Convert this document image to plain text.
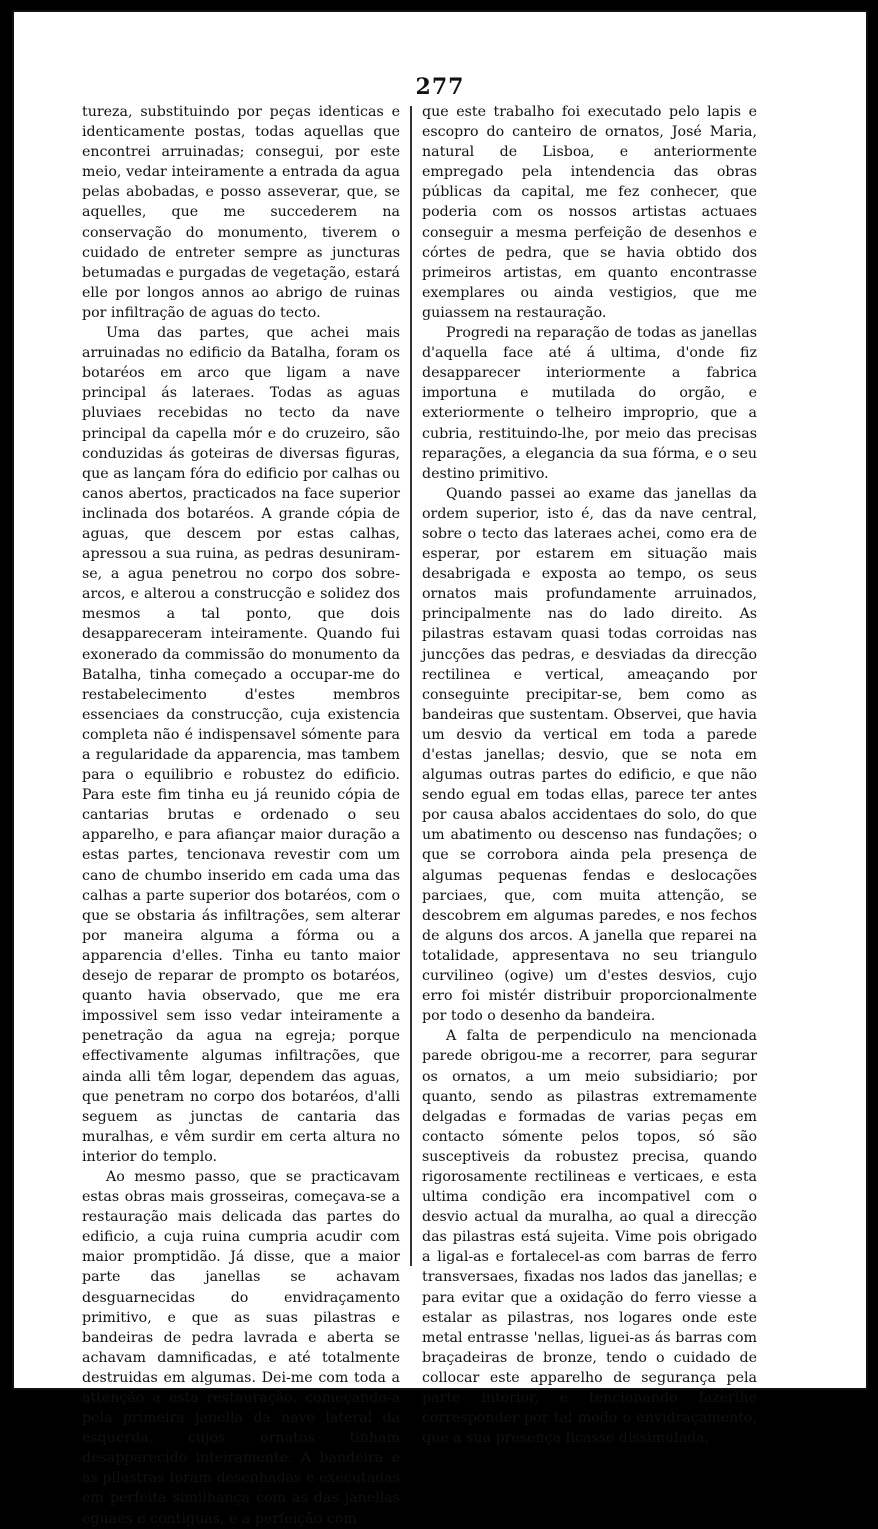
277

tureza, substituindo por peças identicas e identicamente postas, todas aquellas que encontrei arruinadas; consegui, por este meio, vedar inteiramente a entrada da agua pelas abobadas, e posso asseverar, que, se aquelles, que me succederem na conservação do monumento, tiverem o cuidado de entreter sempre as juncturas betumadas e purgadas de vegetação, estará elle por longos annos ao abrigo de ruinas por infiltração de aguas do tecto.

Uma das partes, que achei mais arruinadas no edificio da Batalha, foram os botaréos em arco que ligam a nave principal ás lateraes. Todas as aguas pluviaes recebidas no tecto da nave principal da capella mór e do cruzeiro, são conduzidas ás goteiras de diversas figuras, que as lançam fóra do edificio por calhas ou canos abertos, practicados na face superior inclinada dos botaréos. A grande cópia de aguas, que descem por estas calhas, apressou a sua ruina, as pedras desuniram-se, a agua penetrou no corpo dos sobre-arcos, e alterou a construcção e solidez dos mesmos a tal ponto, que dois desappareceram inteiramente. Quando fui exonerado da commissão do monumento da Batalha, tinha começado a occupar-me do restabelecimento d'estes membros essenciaes da construcção, cuja existencia completa não é indispensavel sómente para a regularidade da apparencia, mas tambem para o equilibrio e robustez do edificio. Para este fim tinha eu já reunido cópia de cantarias brutas e ordenado o seu apparelho, e para afiançar maior duração a estas partes, tencionava revestir com um cano de chumbo inserido em cada uma das calhas a parte superior dos botaréos, com o que se obstaria ás infiltrações, sem alterar por maneira alguma a fórma ou a apparencia d'elles. Tinha eu tanto maior desejo de reparar de prompto os botaréos, quanto havia observado, que me era impossivel sem isso vedar inteiramente a penetração da agua na egreja; porque effectivamente algumas infiltrações, que ainda alli têm logar, dependem das aguas, que penetram no corpo dos botaréos, d'alli seguem as junctas de cantaria das muralhas, e vêm surdir em certa altura no interior do templo.

Ao mesmo passo, que se practicavam estas obras mais grosseiras, começava-se a restauração mais delicada das partes do edificio, a cuja ruina cumpria acudir com maior promptidão. Já disse, que a maior parte das janellas se achavam desguarnecidas do envidraçamento primitivo, e que as suas pilastras e bandeiras de pedra lavrada e aberta se achavam damnificadas, e até totalmente destruidas em algumas. Dei-me com toda a attenção a esta restauração, começando-a pela primeira janella da nave lateral da esquerda, cujos ornatos tinham desapparecido inteiramente. A bandeira e as pilastras foram desenhadas e executadas em perfeita similhança com as das janellas eguaes e contiguas, e a perfeição com

que este trabalho foi executado pelo lapis e escopro do canteiro de ornatos, José Maria, natural de Lisboa, e anteriormente empregado pela intendencia das obras públicas da capital, me fez conhecer, que poderia com os nossos artistas actuaes conseguir a mesma perfeição de desenhos e córtes de pedra, que se havia obtido dos primeiros artistas, em quanto encontrasse exemplares ou ainda vestigios, que me guiassem na restauração.

Progredi na reparação de todas as janellas d'aquella face até á ultima, d'onde fiz desapparecer interiormente a fabrica importuna e mutilada do orgão, e exteriormente o telheiro improprio, que a cubria, restituindo-lhe, por meio das precisas reparações, a elegancia da sua fórma, e o seu destino primitivo.

Quando passei ao exame das janellas da ordem superior, isto é, das da nave central, sobre o tecto das lateraes achei, como era de esperar, por estarem em situação mais desabrigada e exposta ao tempo, os seus ornatos mais profundamente arruinados, principalmente nas do lado direito. As pilastras estavam quasi todas corroidas nas juncções das pedras, e desviadas da direcção rectilinea e vertical, ameaçando por conseguinte precipitar-se, bem como as bandeiras que sustentam. Observei, que havia um desvio da vertical em toda a parede d'estas janellas; desvio, que se nota em algumas outras partes do edificio, e que não sendo egual em todas ellas, parece ter antes por causa abalos accidentaes do solo, do que um abatimento ou descenso nas fundações; o que se corrobora ainda pela presença de algumas pequenas fendas e deslocações parciaes, que, com muita attenção, se descobrem em algumas paredes, e nos fechos de alguns dos arcos. A janella que reparei na totalidade, appresentava no seu triangulo curvilineo (ogive) um d'estes desvios, cujo erro foi mistér distribuir proporcionalmente por todo o desenho da bandeira.

A falta de perpendiculo na mencionada parede obrigou-me a recorrer, para segurar os ornatos, a um meio subsidiario; por quanto, sendo as pilastras extremamente delgadas e formadas de varias peças em contacto sómente pelos topos, só são susceptiveis da robustez precisa, quando rigorosamente rectilineas e verticaes, e esta ultima condição era incompativel com o desvio actual da muralha, ao qual a direcção das pilastras está sujeita. Vime pois obrigado a ligal-as e fortalecel-as com barras de ferro transversaes, fixadas nos lados das janellas; e para evitar que a oxidação do ferro viesse a estalar as pilastras, nos logares onde este metal entrasse 'nellas, liguei-as ás barras com braçadeiras de bronze, tendo o cuidado de collocar este apparelho de segurança pela parte interior, e tencionando fazerlhe corresponder por tal modo o envidraçamento, que a sua presença ficasse dissimulada,
